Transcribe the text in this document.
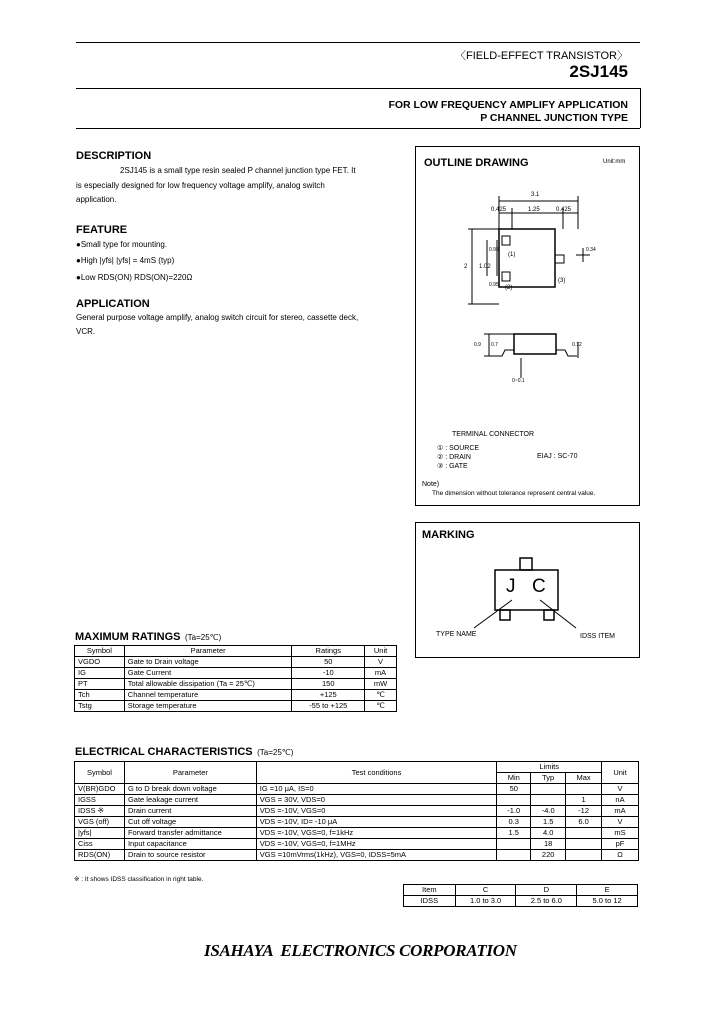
〈FIELD-EFFECT TRANSISTOR〉
2SJ145
FOR LOW FREQUENCY AMPLIFY APPLICATION
P CHANNEL JUNCTION TYPE
DESCRIPTION
2SJ145 is a small type resin sealed P channel junction type FET. It
is especially designed for low frequency voltage amplify, analog switch
application.
FEATURE
●Small type for mounting.
●High |yfs| |yfs| = 4mS (typ)
●Low RDS(ON) RDS(ON)=220Ω
APPLICATION
General purpose voltage amplify, analog switch circuit for stereo, cassette deck,
VCR.
OUTLINE DRAWING	Unit:mm
3.1
0.425	1.25	0.425
2 1.02
0.95
0.95
0.34
0.9 0.7	0.12
0~0.1
(1)
(2)
(3)
TERMINAL CONNECTOR
① : SOURCE
② : DRAIN
③ : GATE
EIAJ : SC-70
Note)
The dimension without tolerance represent central value.
MARKING
J C
TYPE NAME	IDSS ITEM
MAXIMUM RATINGS (Ta=25℃)
Symbol	Parameter	Ratings	Unit
VGDO	Gate to Drain voltage	50	V
IG	Gate Current	-10	mA
PT	Total allowable dissipation (Ta = 25℃)	150	mW
Tch	Channel temperature	+125	℃
Tstg	Storage temperature	-55 to +125	℃
ELECTRICAL CHARACTERISTICS (Ta=25℃)
Symbol	Parameter	Test conditions	Limits			Unit
			Min	Typ	Max	
V(BR)GDO	G to D break down voltage	IG =10 μA, IS=0	50			V
IGSS	Gate leakage current	VGS = 30V, VDS=0			1	nA
IDSS ※	Drain current	VDS =-10V, VGS=0	-1.0	-4.0	-12	mA
VGS (off)	Cut off voltage	VDS =-10V, ID= -10 μA	0.3	1.5	6.0	V
|yfs|	Forward transfer admittance	VDS =-10V, VGS=0, f=1kHz	1.5	4.0		mS
Ciss	Input capacitance	VDS =-10V, VGS=0, f=1MHz		18		pF
RDS(ON)	Drain to source resistor	VGS =10mVrms(1kHz), VGS=0, IDSS=5mA		220		Ω
※ : It shows IDSS classification in right table.
Item	C	D	E
IDSS	1.0 to 3.0	2.5 to 6.0	5.0 to 12
ISAHAYA  ELECTRONICS CORPORATION
